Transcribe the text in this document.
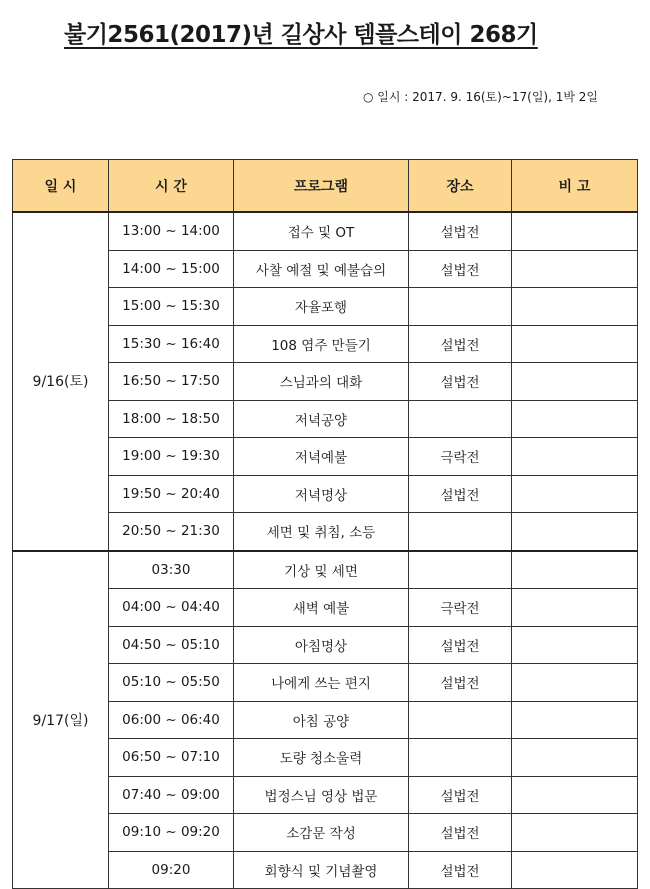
불기2561(2017)년 길상사 템플스테이 268기
○ 일시 : 2017. 9. 16(토)~17(일), 1박 2일
일 시	시 간	프로그램	장소	비 고
9/16(토)	13:00 ~ 14:00	접수 및 OT	설법전	
	14:00 ~ 15:00	사찰 예절 및 예불습의	설법전	
	15:00 ~ 15:30	자율포행		
	15:30 ~ 16:40	108 염주 만들기	설법전	
	16:50 ~ 17:50	스님과의 대화	설법전	
	18:00 ~ 18:50	저녁공양		
	19:00 ~ 19:30	저녁예불	극락전	
	19:50 ~ 20:40	저녁명상	설법전	
	20:50 ~ 21:30	세면 및 취침, 소등		
9/17(일)	03:30	기상 및 세면		
	04:00 ~ 04:40	새벽 예불	극락전	
	04:50 ~ 05:10	아침명상	설법전	
	05:10 ~ 05:50	나에게 쓰는 편지	설법전	
	06:00 ~ 06:40	아침 공양		
	06:50 ~ 07:10	도량 청소울력		
	07:40 ~ 09:00	법정스님 영상 법문	설법전	
	09:10 ~ 09:20	소감문 작성	설법전	
	09:20	회향식 및 기념촬영	설법전	
